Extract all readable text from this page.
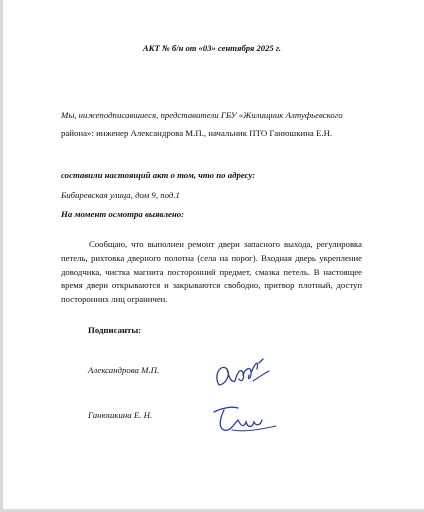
АКТ № б/н от «03» сентября 2025 г.
Мы, нижеподписавшиеся, представители ГБУ «Жилищник Алтуфьевского
района»: инженер Александрова М.П., начальник ПТО Ганюшкина Е.Н.
составили настоящий акт о том, что по адресу:
Бибиревская улица, дом 9, под.1
На момент осмотра выявлено:
Сообщаю, что выполнен ремонт двери запасного выхода, регулировка петель, рихтовка дверного полотна (села на порог). Входная дверь укрепление доводчика, чистка магнита посторонний предмет, смазка петель. В настоящее время двери открываются и закрываются свободно, притвор плотный, доступ посторонних лиц ограничен.
Подписанты:
Александрова М.П.
Ганюшкина Е. Н.
